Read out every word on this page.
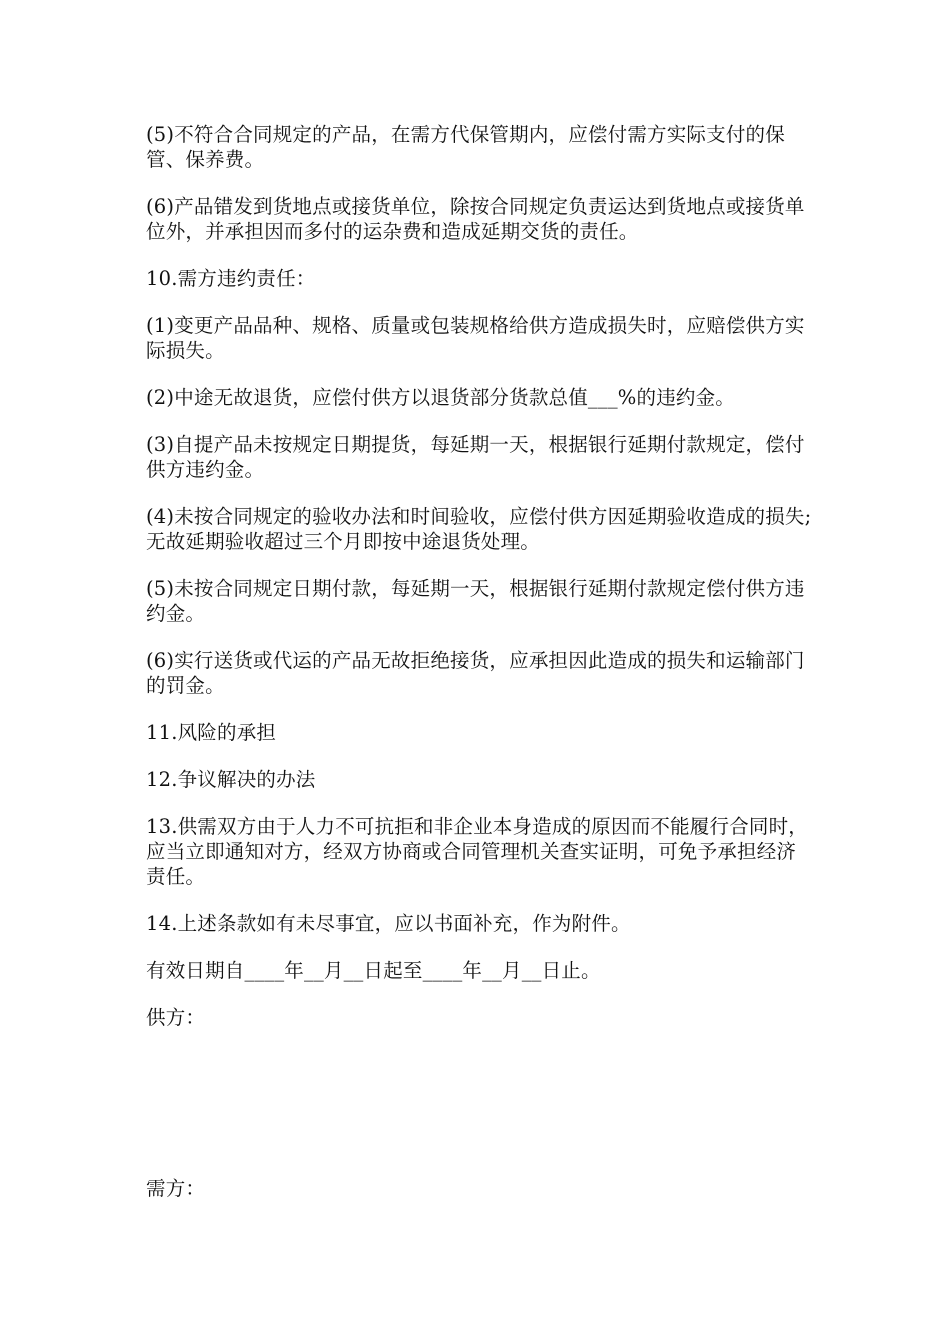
(5)不符合合同规定的产品，在需方代保管期内，应偿付需方实际支付的保管、保养费。

(6)产品错发到货地点或接货单位，除按合同规定负责运达到货地点或接货单位外，并承担因而多付的运杂费和造成延期交货的责任。

10.需方违约责任：

(1)变更产品品种、规格、质量或包装规格给供方造成损失时，应赔偿供方实际损失。

(2)中途无故退货，应偿付供方以退货部分货款总值___%的违约金。

(3)自提产品未按规定日期提货，每延期一天，根据银行延期付款规定，偿付供方违约金。

(4)未按合同规定的验收办法和时间验收，应偿付供方因延期验收造成的损失;无故延期验收超过三个月即按中途退货处理。

(5)未按合同规定日期付款，每延期一天，根据银行延期付款规定偿付供方违约金。

(6)实行送货或代运的产品无故拒绝接货，应承担因此造成的损失和运输部门的罚金。

11.风险的承担

12.争议解决的办法

13.供需双方由于人力不可抗拒和非企业本身造成的原因而不能履行合同时，应当立即通知对方，经双方协商或合同管理机关查实证明，可免予承担经济责任。

14.上述条款如有未尽事宜，应以书面补充，作为附件。

有效日期自____年__月__日起至____年__月__日止。

供方：

需方：
